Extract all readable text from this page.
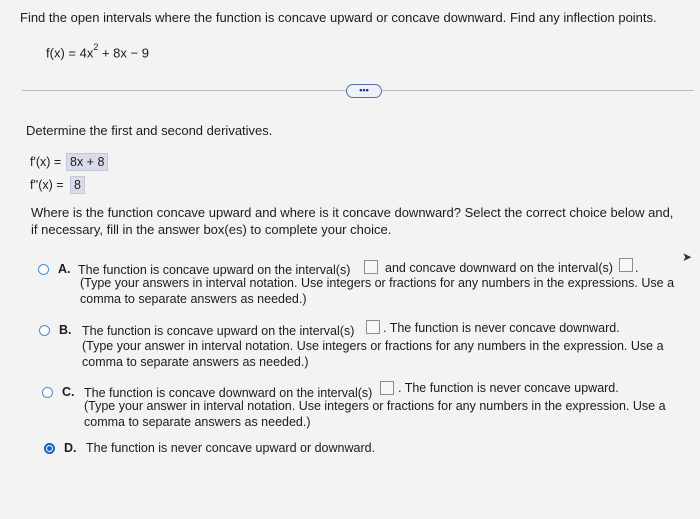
Find the open intervals where the function is concave upward or concave downward. Find any inflection points.
$f(x) = 4x^2 + 8x - 9$
•••
Determine the first and second derivatives.
f'(x) = 8x + 8
f''(x) = 8
Where is the function concave upward and where is it concave downward? Select the correct choice below and, if necessary, fill in the answer box(es) to complete your choice.
A. The function is concave upward on the interval(s)	and concave downward on the interval(s) .
(Type your answers in interval notation. Use integers or fractions for any numbers in the expressions. Use a
comma to separate answers as needed.)
B. The function is concave upward on the interval(s) . The function is never concave downward.
(Type your answer in interval notation. Use integers or fractions for any numbers in the expression. Use a
comma to separate answers as needed.)
C. The function is concave downward on the interval(s) . The function is never concave upward.
(Type your answer in interval notation. Use integers or fractions for any numbers in the expression. Use a
comma to separate answers as needed.)
D. The function is never concave upward or downward.
➤
